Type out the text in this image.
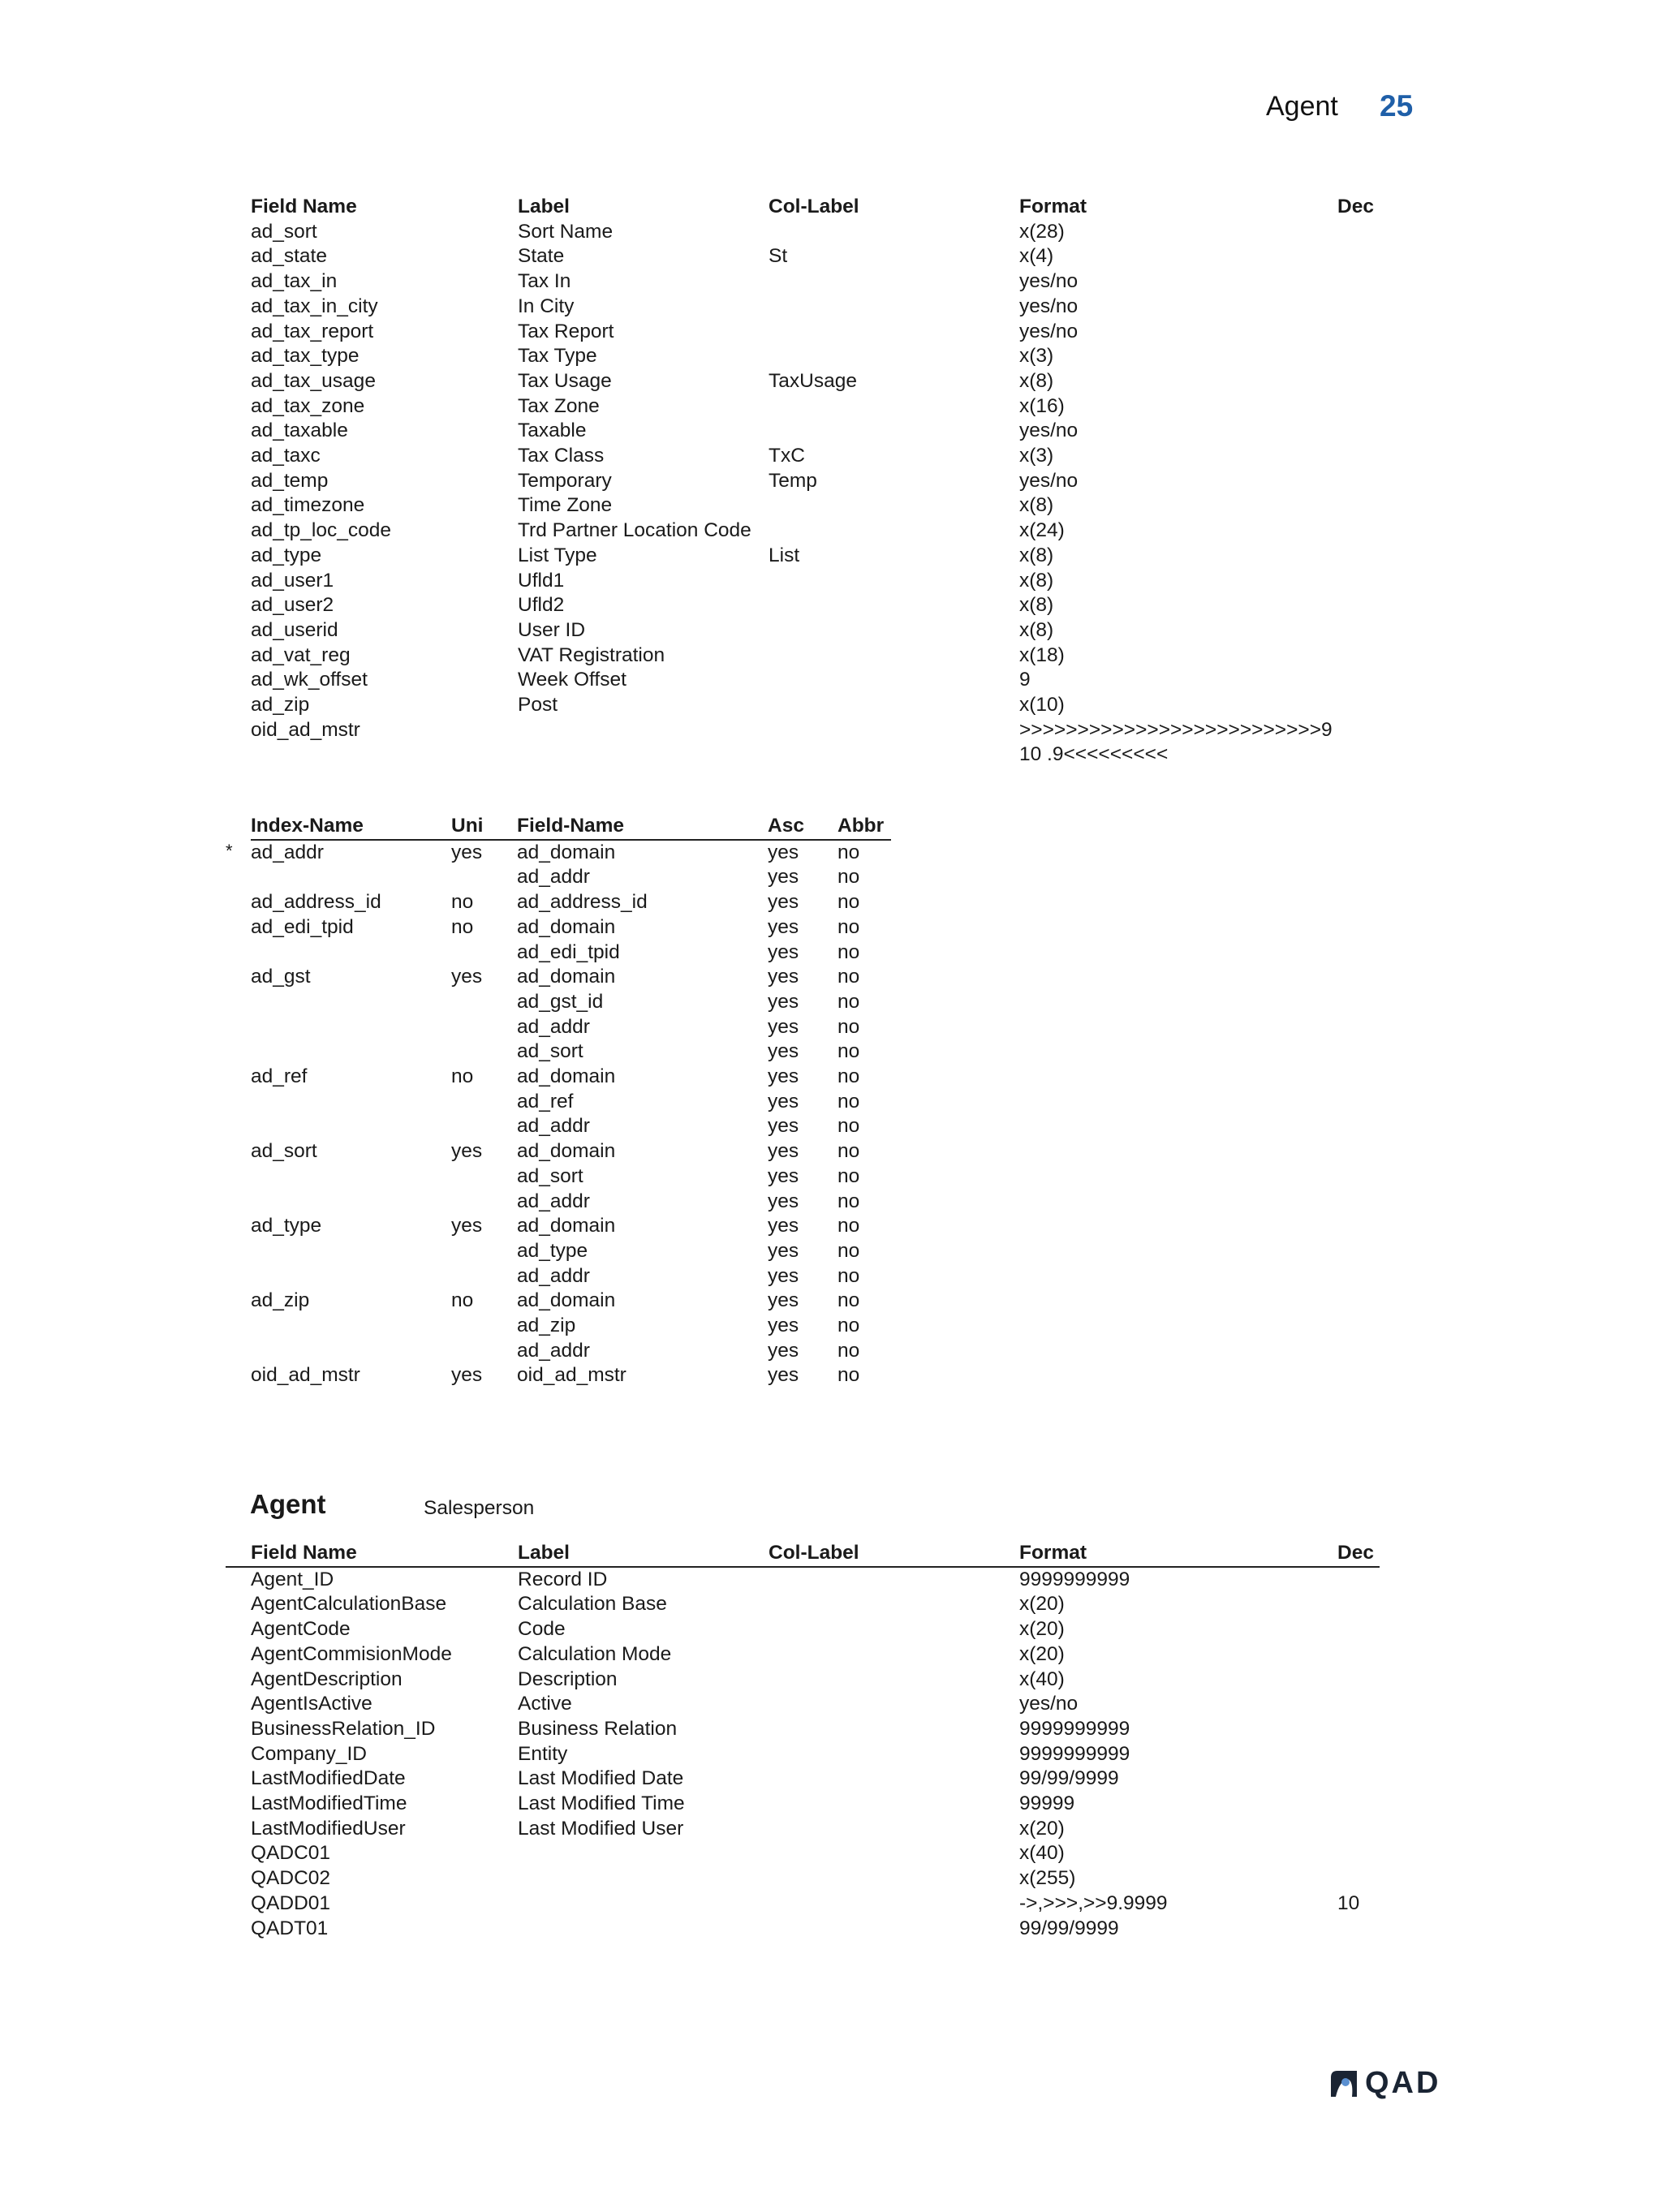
Agent 25
Field Name	Label	Col-Label	Format	Dec
ad_sort	Sort Name		x(28)	
ad_state	State	St	x(4)	
ad_tax_in	Tax In		yes/no	
ad_tax_in_city	In City		yes/no	
ad_tax_report	Tax Report		yes/no	
ad_tax_type	Tax Type		x(3)	
ad_tax_usage	Tax Usage	TaxUsage	x(8)	
ad_tax_zone	Tax Zone		x(16)	
ad_taxable	Taxable		yes/no	
ad_taxc	Tax Class	TxC	x(3)	
ad_temp	Temporary	Temp	yes/no	
ad_timezone	Time Zone		x(8)	
ad_tp_loc_code	Trd Partner Location Code		x(24)	
ad_type	List Type	List	x(8)	
ad_user1	Ufld1		x(8)	
ad_user2	Ufld2		x(8)	
ad_userid	User ID		x(8)	
ad_vat_reg	VAT Registration		x(18)	
ad_wk_offset	Week Offset		9	
ad_zip	Post		x(10)	
oid_ad_mstr			>>>>>>>>>>>>>>>>>>>>>>>>>>9 10 .9<<<<<<<<<	
*
	Index-Name	Uni	Field-Name	Asc	Abbr
	ad_addr	yes	ad_domain	yes	no
			ad_addr	yes	no
	ad_address_id	no	ad_address_id	yes	no
	ad_edi_tpid	no	ad_domain	yes	no
			ad_edi_tpid	yes	no
	ad_gst	yes	ad_domain	yes	no
			ad_gst_id	yes	no
			ad_addr	yes	no
			ad_sort	yes	no
	ad_ref	no	ad_domain	yes	no
			ad_ref	yes	no
			ad_addr	yes	no
	ad_sort	yes	ad_domain	yes	no
			ad_sort	yes	no
			ad_addr	yes	no
	ad_type	yes	ad_domain	yes	no
			ad_type	yes	no
			ad_addr	yes	no
	ad_zip	no	ad_domain	yes	no
			ad_zip	yes	no
			ad_addr	yes	no
	oid_ad_mstr	yes	oid_ad_mstr	yes	no
Agent	Salesperson
	Field Name	Label	Col-Label	Format	Dec
	Agent_ID	Record ID		9999999999	
	AgentCalculationBase	Calculation Base		x(20)	
	AgentCode	Code		x(20)	
	AgentCommisionMode	Calculation Mode		x(20)	
	AgentDescription	Description		x(40)	
	AgentIsActive	Active		yes/no	
	BusinessRelation_ID	Business Relation		9999999999	
	Company_ID	Entity		9999999999	
	LastModifiedDate	Last Modified Date		99/99/9999	
	LastModifiedTime	Last Modified Time		99999	
	LastModifiedUser	Last Modified User		x(20)	
	QADC01			x(40)	
	QADC02			x(255)	
	QADD01			->,>>>,>>9.9999	10
	QADT01			99/99/9999	
QAD
